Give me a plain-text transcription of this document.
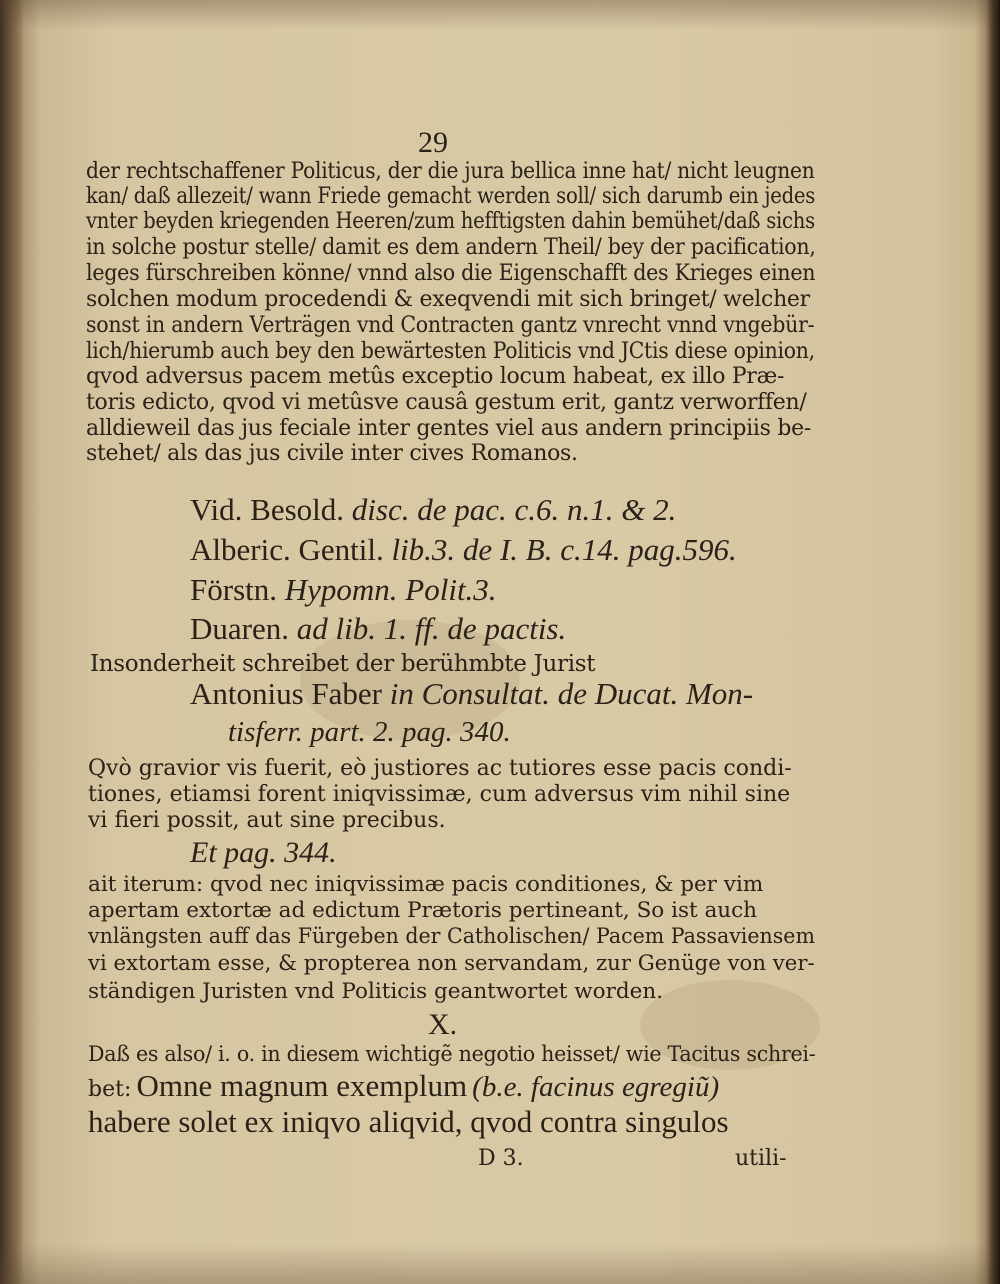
29
der rechtschaffener Politicus, der die jura bellica inne hat/ nicht leugnen
kan/ daß allezeit/ wann Friede gemacht werden soll/ sich darumb ein jedes
vnter beyden kriegenden Heeren/zum hefftigsten dahin bemühet/daß sichs
in solche postur stelle/ damit es dem andern Theil/ bey der pacification,
leges fürschreiben könne/ vnnd also die Eigenschafft des Krieges einen
solchen modum procedendi & exeqvendi mit sich bringet/ welcher
sonst in andern Verträgen vnd Contracten gantz vnrecht vnnd vngebür-
lich/hierumb auch bey den bewärtesten Politicis vnd JCtis diese opinion,
qvod adversus pacem metûs exceptio locum habeat, ex illo Præ-
toris edicto, qvod vi metûsve causâ gestum erit, gantz verworffen/
alldieweil das jus feciale inter gentes viel aus andern principiis be-
stehet/ als das jus civile inter cives Romanos.
Vid. Besold. disc. de pac. c.6. n.1. & 2.
Alberic. Gentil. lib.3. de I. B. c.14. pag.596.
Förstn. Hypomn. Polit.3.
Duaren. ad lib. 1. ff. de pactis.
Insonderheit schreibet der berühmbte Jurist
Antonius Faber in Consultat. de Ducat. Mon-
tisferr. part. 2. pag. 340.
Qvò gravior vis fuerit, eò justiores ac tutiores esse pacis condi-
tiones, etiamsi forent iniqvissimæ, cum adversus vim nihil sine
vi fieri possit, aut sine precibus.
Et pag. 344.
ait iterum: qvod nec iniqvissimæ pacis conditiones, & per vim
apertam extortæ ad edictum Prætoris pertineant, So ist auch
vnlängsten auff das Fürgeben der Catholischen/ Pacem Passaviensem
vi extortam esse, & propterea non servandam, zur Genüge von ver-
ständigen Juristen vnd Politicis geantwortet worden.
X.
Daß es also/ i. o. in diesem wichtigẽ negotio heisset/ wie Tacitus schrei-
bet: Omne magnum exemplum (b.e. facinus egregiũ)
habere solet ex iniqvo aliqvid, qvod contra singulos
D 3.	utili-
